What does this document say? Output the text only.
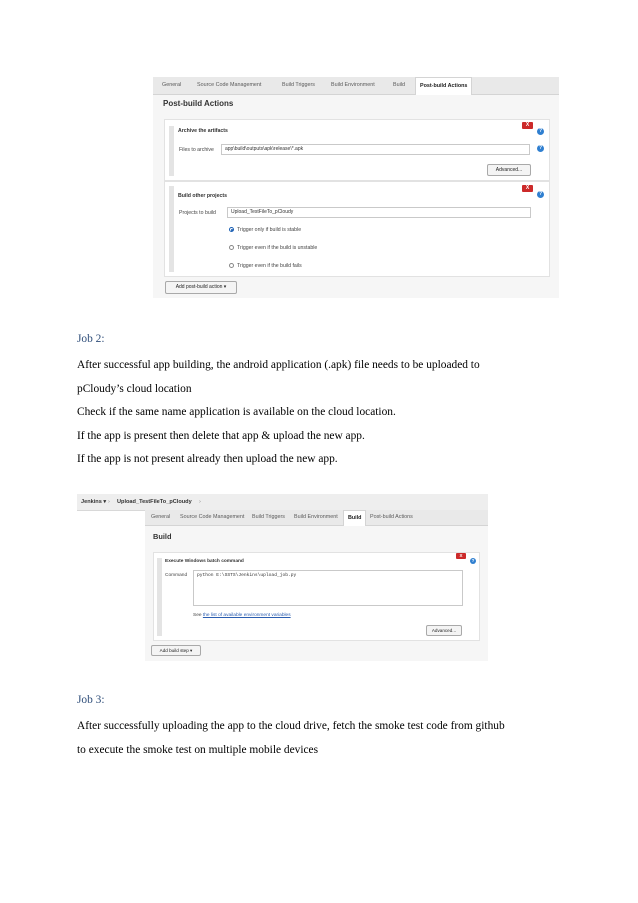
General	Source Code Management	Build Triggers	Build Environment	Build	Post-build Actions
Post-build Actions
Archive the artifacts
X
?
Files to archive	app\build\outputs\apk\release\*.apk	?
Advanced...
Build other projects
X
?
Projects to build	Upload_TestFileTo_pCloudy
Trigger only if build is stable
Trigger even if the build is unstable
Trigger even if the build fails
Add post-build action ▾
Job 2:
After successful app building, the android application (.apk) file needs to be uploaded to
pCloudy’s cloud location
Check if the same name application is available on the cloud location.
If the app is present then delete that app & upload the new app.
If the app is not present already then upload the new app.
Jenkins ▾ › Upload_TestFileTo_pCloudy ›
General	Source Code Management	Build Triggers	Build Environment	Build	Post-build Actions
Build
Execute Windows batch command
X
?
Command	python E:\SSTS\Jenkins\upload_job.py
See the list of available environment variables
Advanced...
Add build step ▾
Job 3:
After successfully uploading the app to the cloud drive, fetch the smoke test code from github
to execute the smoke test on multiple mobile devices
